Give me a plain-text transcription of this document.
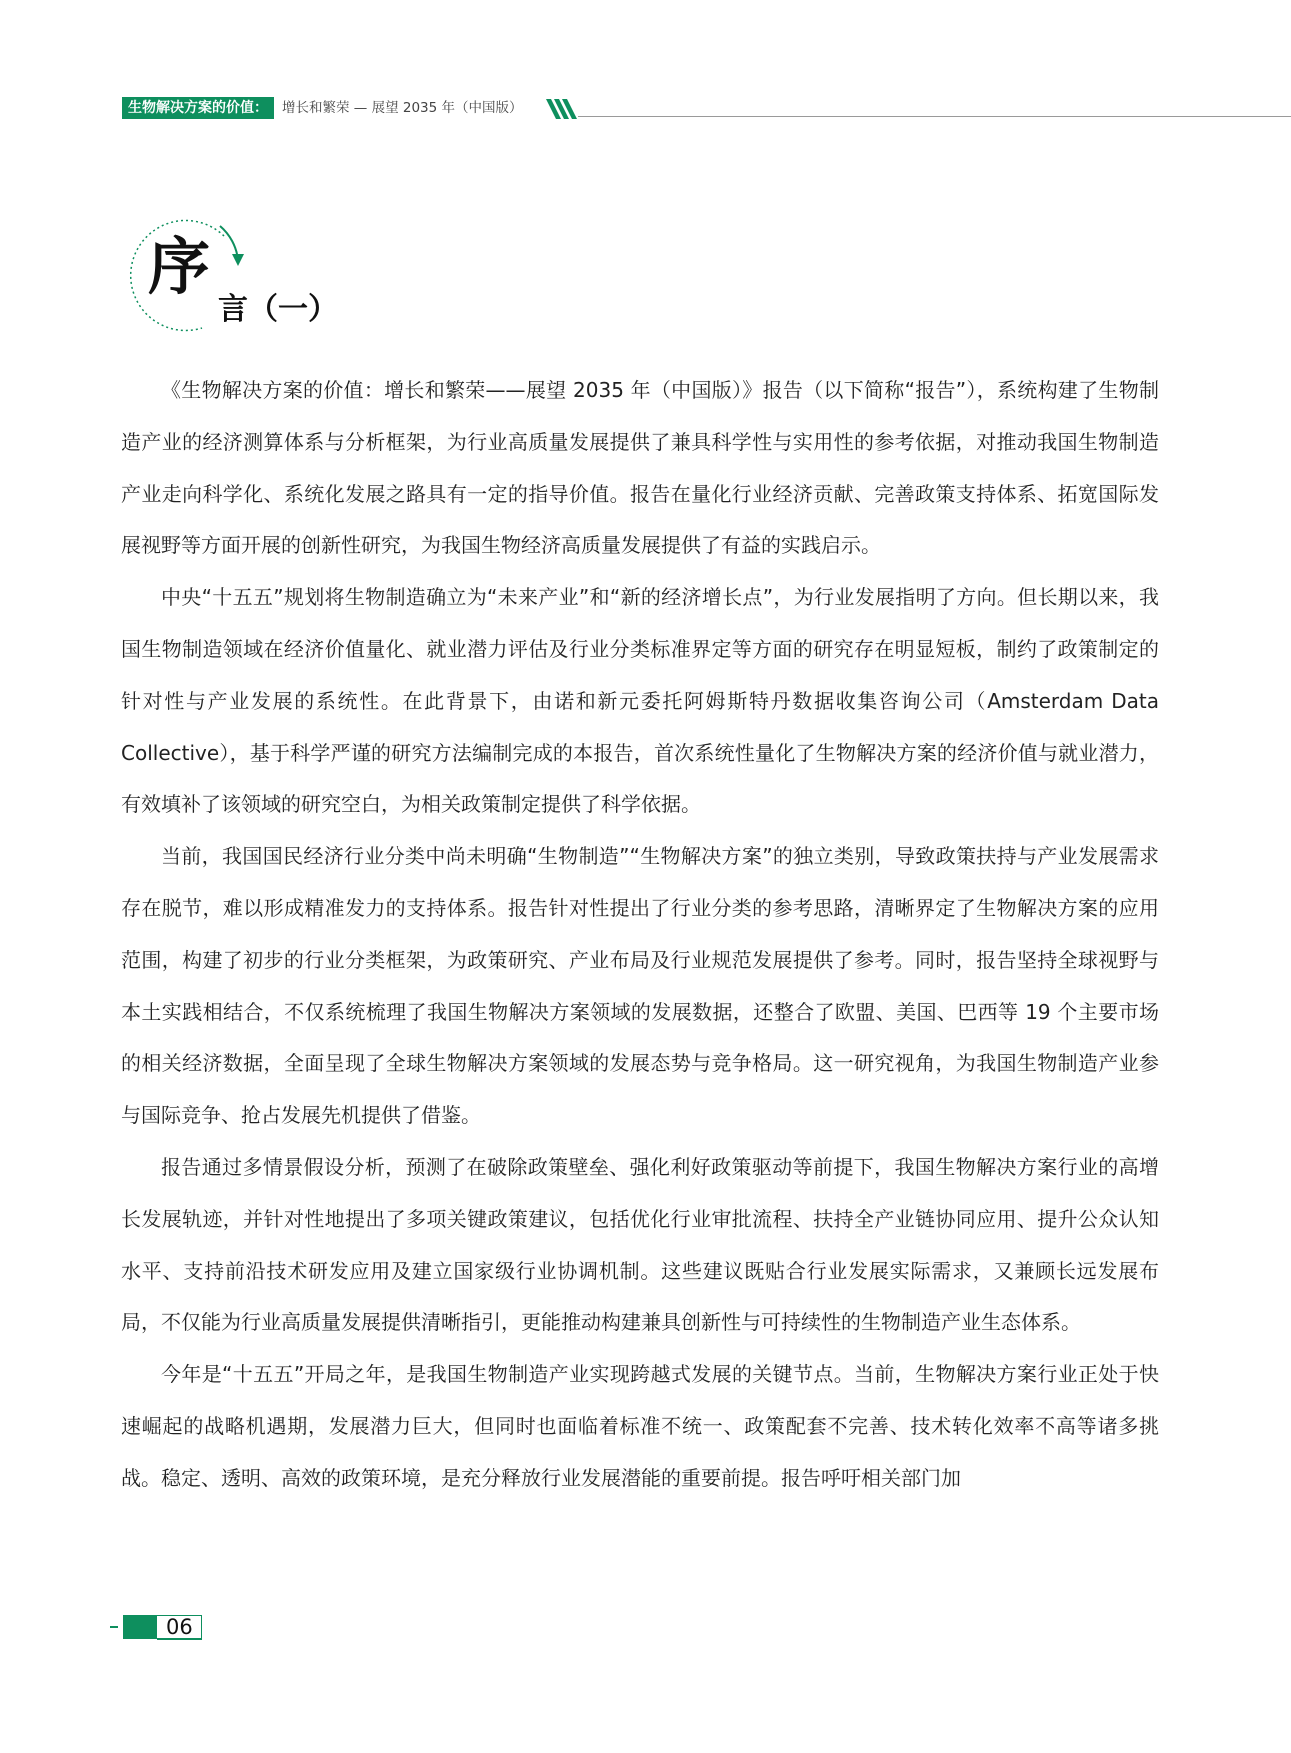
生物解决方案的价值：	增长和繁荣 — 展望 2035 年（中国版）
序
言（一）

《生物解决方案的价值：增长和繁荣——展望 2035 年（中国版）》报告（以下简称“报告”），系统构建了生物制造产业的经济测算体系与分析框架，为行业高质量发展提供了兼具科学性与实用性的参考依据，对推动我国生物制造产业走向科学化、系统化发展之路具有一定的指导价值。报告在量化行业经济贡献、完善政策支持体系、拓宽国际发展视野等方面开展的创新性研究，为我国生物经济高质量发展提供了有益的实践启示。

中央“十五五”规划将生物制造确立为“未来产业”和“新的经济增长点”，为行业发展指明了方向。但长期以来，我国生物制造领域在经济价值量化、就业潜力评估及行业分类标准界定等方面的研究存在明显短板，制约了政策制定的针对性与产业发展的系统性。在此背景下，由诺和新元委托阿姆斯特丹数据收集咨询公司（Amsterdam Data Collective），基于科学严谨的研究方法编制完成的本报告，首次系统性量化了生物解决方案的经济价值与就业潜力，有效填补了该领域的研究空白，为相关政策制定提供了科学依据。

当前，我国国民经济行业分类中尚未明确“生物制造”“生物解决方案”的独立类别，导致政策扶持与产业发展需求存在脱节，难以形成精准发力的支持体系。报告针对性提出了行业分类的参考思路，清晰界定了生物解决方案的应用范围，构建了初步的行业分类框架，为政策研究、产业布局及行业规范发展提供了参考。同时，报告坚持全球视野与本土实践相结合，不仅系统梳理了我国生物解决方案领域的发展数据，还整合了欧盟、美国、巴西等 19 个主要市场的相关经济数据，全面呈现了全球生物解决方案领域的发展态势与竞争格局。这一研究视角，为我国生物制造产业参与国际竞争、抢占发展先机提供了借鉴。

报告通过多情景假设分析，预测了在破除政策壁垒、强化利好政策驱动等前提下，我国生物解决方案行业的高增长发展轨迹，并针对性地提出了多项关键政策建议，包括优化行业审批流程、扶持全产业链协同应用、提升公众认知水平、支持前沿技术研发应用及建立国家级行业协调机制。这些建议既贴合行业发展实际需求，又兼顾长远发展布局，不仅能为行业高质量发展提供清晰指引，更能推动构建兼具创新性与可持续性的生物制造产业生态体系。

今年是“十五五”开局之年，是我国生物制造产业实现跨越式发展的关键节点。当前，生物解决方案行业正处于快速崛起的战略机遇期，发展潜力巨大，但同时也面临着标准不统一、政策配套不完善、技术转化效率不高等诸多挑战。稳定、透明、高效的政策环境，是充分释放行业发展潜能的重要前提。报告呼吁相关部门加

06
